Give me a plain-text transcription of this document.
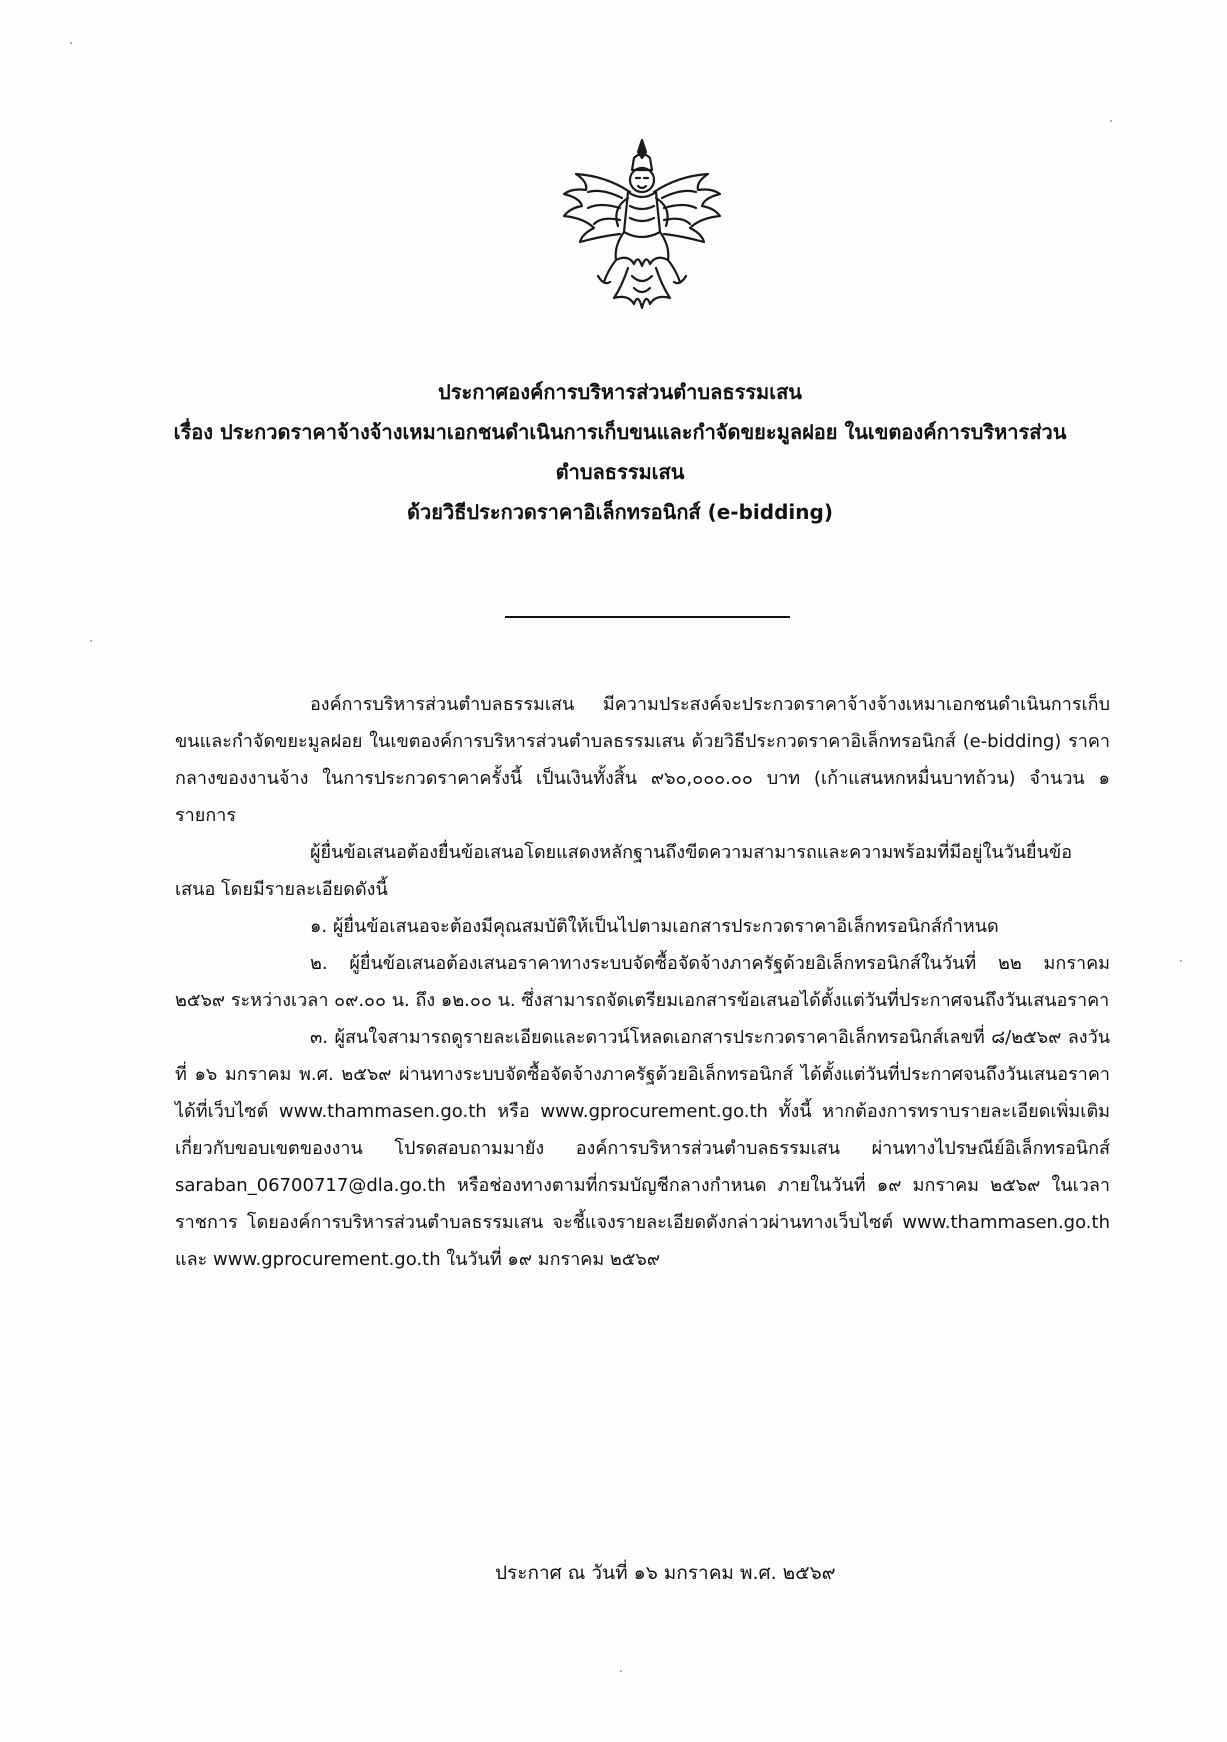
ประกาศองค์การบริหารส่วนตำบลธรรมเสน
เรื่อง ประกวดราคาจ้างจ้างเหมาเอกชนดำเนินการเก็บขนและกำจัดขยะมูลฝอย ในเขตองค์การบริหารส่วน
ตำบลธรรมเสน
ด้วยวิธีประกวดราคาอิเล็กทรอนิกส์ (e-bidding)

องค์การบริหารส่วนตำบลธรรมเสน มีความประสงค์จะประกวดราคาจ้างจ้างเหมาเอกชนดำเนินการเก็บขนและกำจัดขยะมูลฝอย ในเขตองค์การบริหารส่วนตำบลธรรมเสน ด้วยวิธีประกวดราคาอิเล็กทรอนิกส์ (e-bidding) ราคากลางของงานจ้าง ในการประกวดราคาครั้งนี้ เป็นเงินทั้งสิ้น ๙๖๐,๐๐๐.๐๐ บาท (เก้าแสนหกหมื่นบาทถ้วน) จำนวน ๑ รายการ

ผู้ยื่นข้อเสนอต้องยื่นข้อเสนอโดยแสดงหลักฐานถึงขีดความสามารถและความพร้อมที่มีอยู่ในวันยื่นข้อเสนอ โดยมีรายละเอียดดังนี้

๑. ผู้ยื่นข้อเสนอจะต้องมีคุณสมบัติให้เป็นไปตามเอกสารประกวดราคาอิเล็กทรอนิกส์กำหนด

๒. ผู้ยื่นข้อเสนอต้องเสนอราคาทางระบบจัดซื้อจัดจ้างภาครัฐด้วยอิเล็กทรอนิกส์ในวันที่ ๒๒ มกราคม ๒๕๖๙ ระหว่างเวลา ๐๙.๐๐ น. ถึง ๑๒.๐๐ น. ซึ่งสามารถจัดเตรียมเอกสารข้อเสนอได้ตั้งแต่วันที่ประกาศจนถึงวันเสนอราคา

๓. ผู้สนใจสามารถดูรายละเอียดและดาวน์โหลดเอกสารประกวดราคาอิเล็กทรอนิกส์เลขที่ ๘/๒๕๖๙ ลงวันที่ ๑๖ มกราคม พ.ศ. ๒๕๖๙ ผ่านทางระบบจัดซื้อจัดจ้างภาครัฐด้วยอิเล็กทรอนิกส์ ได้ตั้งแต่วันที่ประกาศจนถึงวันเสนอราคา ได้ที่เว็บไซต์ www.thammasen.go.th หรือ www.gprocurement.go.th ทั้งนี้ หากต้องการทราบรายละเอียดเพิ่มเติมเกี่ยวกับขอบเขตของงาน โปรดสอบถามมายัง องค์การบริหารส่วนตำบลธรรมเสน ผ่านทางไปรษณีย์อิเล็กทรอนิกส์ saraban_06700717@dla.go.th หรือช่องทางตามที่กรมบัญชีกลางกำหนด ภายในวันที่ ๑๙ มกราคม ๒๕๖๙ ในเวลาราชการ โดยองค์การบริหารส่วนตำบลธรรมเสน จะชี้แจงรายละเอียดดังกล่าวผ่านทางเว็บไซต์ www.thammasen.go.th และ www.gprocurement.go.th ในวันที่ ๑๙ มกราคม ๒๕๖๙

ประกาศ ณ วันที่ ๑๖ มกราคม พ.ศ. ๒๕๖๙
